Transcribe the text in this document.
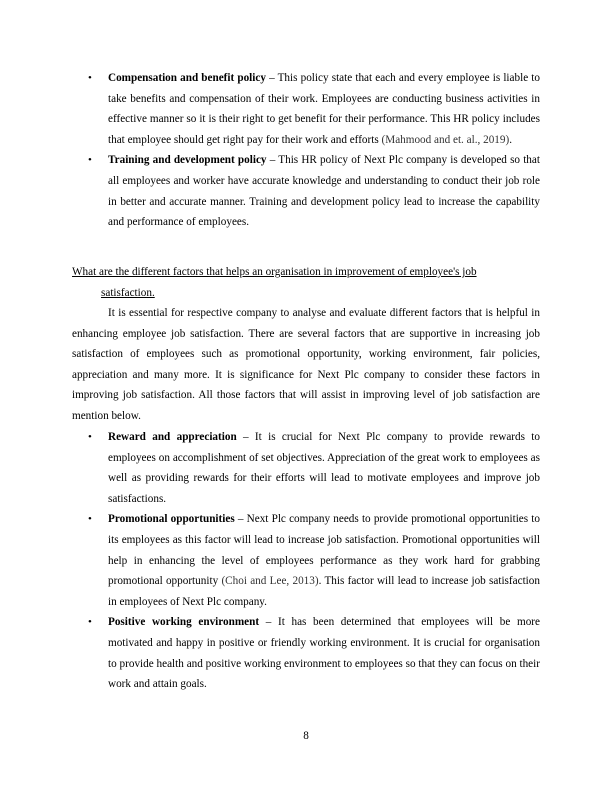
• Compensation and benefit policy – This policy state that each and every employee is liable to take benefits and compensation of their work. Employees are conducting business activities in effective manner so it is their right to get benefit for their performance. This HR policy includes that employee should get right pay for their work and efforts (Mahmood and et. al., 2019).
• Training and development policy – This HR policy of Next Plc company is developed so that all employees and worker have accurate knowledge and understanding to conduct their job role in better and accurate manner. Training and development policy lead to increase the capability and performance of employees.
What are the different factors that helps an organisation in improvement of employee's job
satisfaction.

It is essential for respective company to analyse and evaluate different factors that is helpful in enhancing employee job satisfaction. There are several factors that are supportive in increasing job satisfaction of employees such as promotional opportunity, working environment, fair policies, appreciation and many more. It is significance for Next Plc company to consider these factors in improving job satisfaction. All those factors that will assist in improving level of job satisfaction are mention below.

• Reward and appreciation – It is crucial for Next Plc company to provide rewards to employees on accomplishment of set objectives. Appreciation of the great work to employees as well as providing rewards for their efforts will lead to motivate employees and improve job satisfactions.
• Promotional opportunities – Next Plc company needs to provide promotional opportunities to its employees as this factor will lead to increase job satisfaction. Promotional opportunities will help in enhancing the level of employees performance as they work hard for grabbing promotional opportunity (Choi and Lee, 2013). This factor will lead to increase job satisfaction in employees of Next Plc company.
• Positive working environment – It has been determined that employees will be more motivated and happy in positive or friendly working environment. It is crucial for organisation to provide health and positive working environment to employees so that they can focus on their work and attain goals.
8
